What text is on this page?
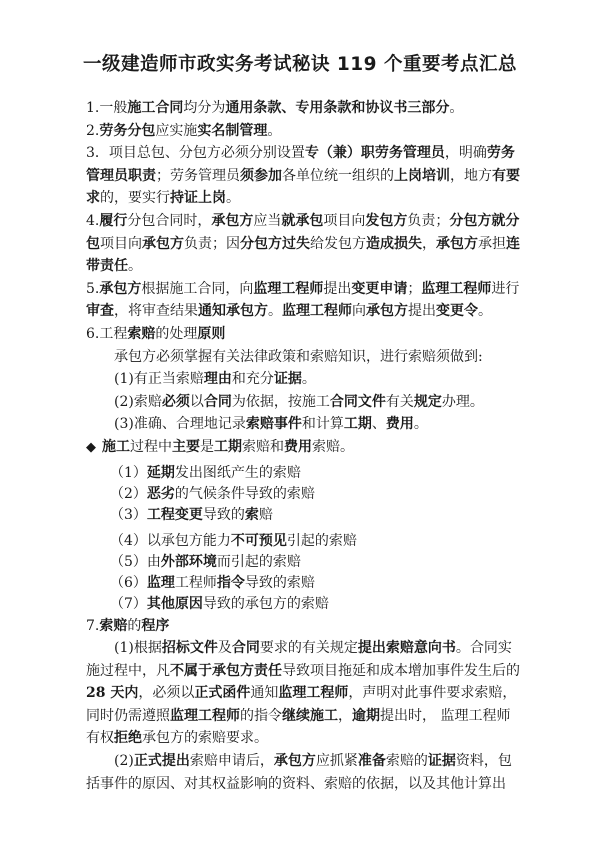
一级建造师市政实务考试秘诀 119 个重要考点汇总

1.一般施工合同均分为通用条款、专用条款和协议书三部分。

2.劳务分包应实施实名制管理。

3．项目总包、分包方必须分别设置专（兼）职劳务管理员，明确劳务管理员职责；劳务管理员须参加各单位统一组织的上岗培训，地方有要求的，要实行持证上岗。

4.履行分包合同时，承包方应当就承包项目向发包方负责；分包方就分包项目向承包方负责；因分包方过失给发包方造成损失，承包方承担连带责任。

5.承包方根据施工合同，向监理工程师提出变更申请；监理工程师进行审查，将审查结果通知承包方。监理工程师向承包方提出变更令。

6.工程索赔的处理原则

承包方必须掌握有关法律政策和索赔知识，进行索赔须做到:

(1)有正当索赔理由和充分证据。

(2)索赔必须以合同为依据，按施工合同文件有关规定办理。

(3)准确、合理地记录索赔事件和计算工期、费用。

◆ 施工过程中主要是工期索赔和费用索赔。

（1）延期发出图纸产生的索赔

（2）恶劣的气候条件导致的索赔

（3）工程变更导致的索赔

（4）以承包方能力不可预见引起的索赔

（5）由外部环境而引起的索赔

（6）监理工程师指令导致的索赔

（7）其他原因导致的承包方的索赔

7.索赔的程序

(1)根据招标文件及合同要求的有关规定提出索赔意向书。合同实施过程中，凡不属于承包方责任导致项目拖延和成本增加事件发生后的28 天内，必须以正式函件通知监理工程师，声明对此事件要求索赔，同时仍需遵照监理工程师的指令继续施工，逾期提出时， 监理工程师有权拒绝承包方的索赔要求。

(2)正式提出索赔申请后，承包方应抓紧准备索赔的证据资料，包括事件的原因、对其权益影响的资料、索赔的依据，以及其他计算出
